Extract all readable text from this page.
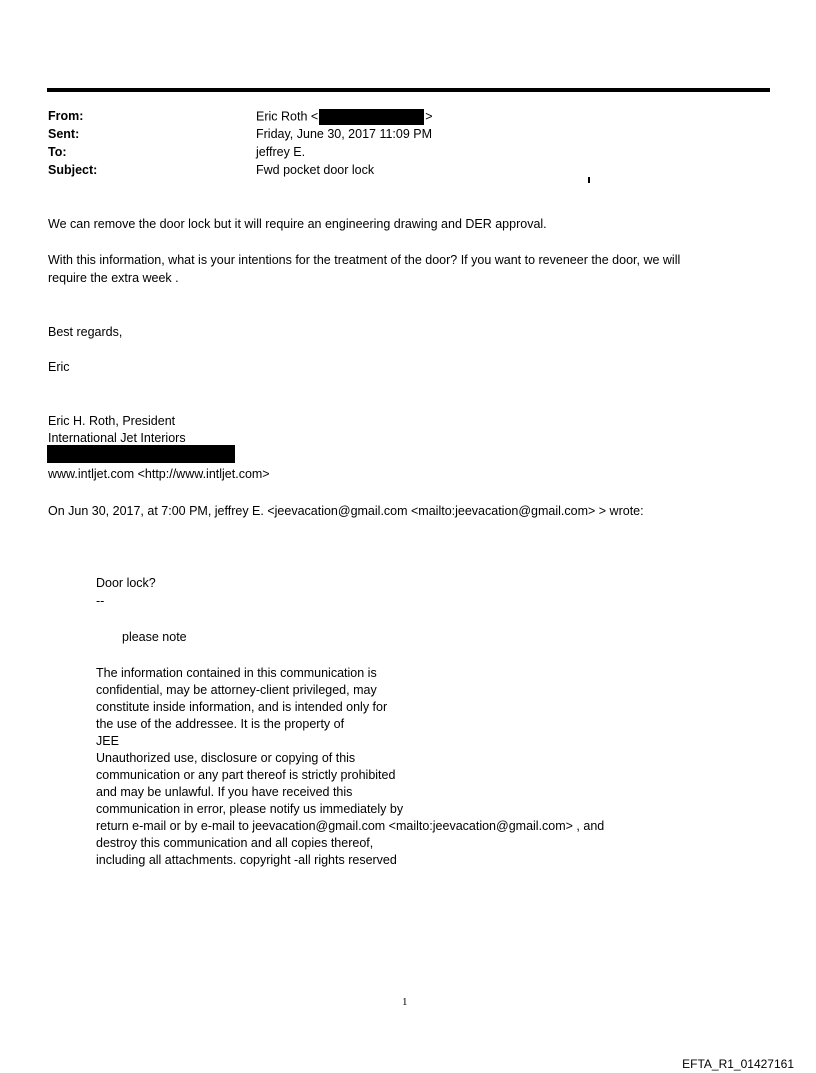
From:
Sent:
To:
Subject:
Eric Roth <	>
Friday, June 30, 2017 11:09 PM
jeffrey E.
Fwd pocket door lock
We can remove the door lock but it will require an engineering drawing and DER approval.
With this information, what is your intentions for the treatment of the door? If you want to reveneer the door, we will
require the extra week .
Best regards,
Eric
Eric H. Roth, President
International Jet Interiors
www.intljet.com <http://www.intljet.com>
On Jun 30, 2017, at 7:00 PM, jeffrey E. <jeevacation@gmail.com <mailto:jeevacation@gmail.com> > wrote:
Door lock?
--
please note
The information contained in this communication is
confidential, may be attorney-client privileged, may
constitute inside information, and is intended only for
the use of the addressee. It is the property of
JEE
Unauthorized use, disclosure or copying of this
communication or any part thereof is strictly prohibited
and may be unlawful. If you have received this
communication in error, please notify us immediately by
return e-mail or by e-mail to jeevacation@gmail.com <mailto:jeevacation@gmail.com> , and
destroy this communication and all copies thereof,
including all attachments. copyright -all rights reserved
1
EFTA_R1_01427161
